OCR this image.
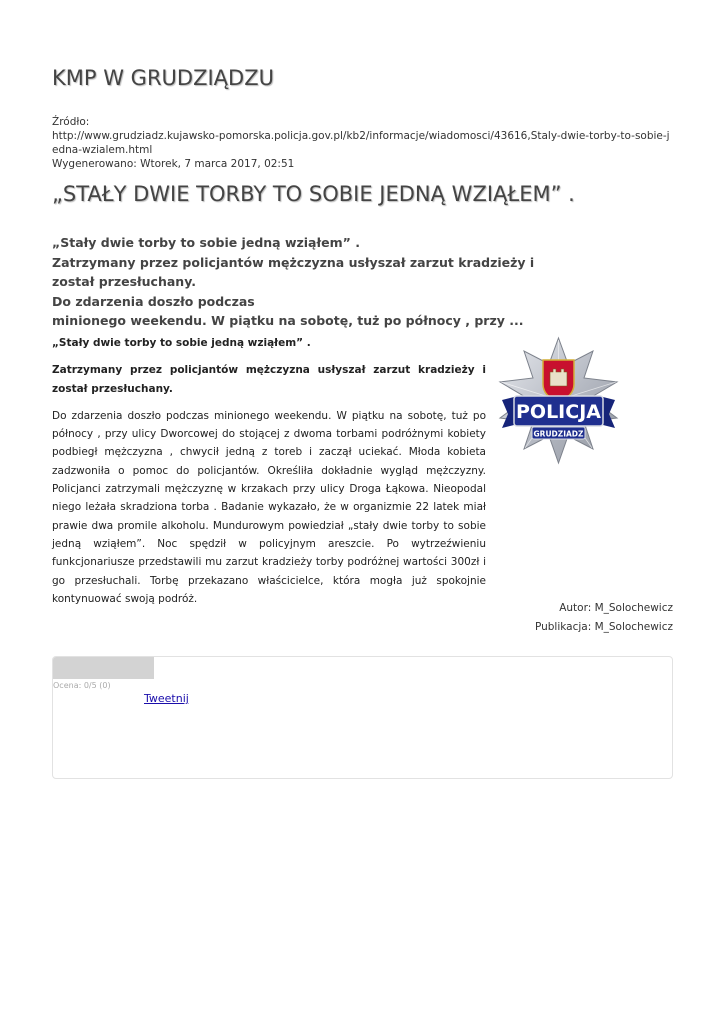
KMP W GRUDZIĄDZU
Źródło:
http://www.grudziadz.kujawsko-pomorska.policja.gov.pl/kb2/informacje/wiadomosci/43616,Staly-dwie-torby-to-sobie-jedna-wzialem.html
Wygenerowano: Wtorek, 7 marca 2017, 02:51
„STAŁY DWIE TORBY TO SOBIE JEDNĄ WZIĄŁEM” .
„Stały dwie torby to sobie jedną wziąłem” .
Zatrzymany przez policjantów mężczyzna usłyszał zarzut kradzieży i
został przesłuchany.
Do zdarzenia doszło podczas
minionego weekendu. W piątku na sobotę, tuż po północy , przy ...

„Stały dwie torby to sobie jedną wziąłem” .

Zatrzymany przez policjantów mężczyzna usłyszał zarzut kradzieży i został przesłuchany.

Do zdarzenia doszło podczas minionego weekendu. W piątku na sobotę, tuż po północy , przy ulicy Dworcowej do stojącej z dwoma torbami podróżnymi kobiety podbiegł mężczyzna , chwycił jedną z toreb i zaczął uciekać. Młoda kobieta zadzwoniła o pomoc do policjantów. Określiła dokładnie wygląd mężczyzny. Policjanci zatrzymali mężczyznę w krzakach przy ulicy Droga Łąkowa. Nieopodal niego leżała skradziona torba . Badanie wykazało, że w organizmie 22 latek miał prawie dwa promile alkoholu. Mundurowym powiedział „stały dwie torby to sobie jedną wziąłem”. Noc spędził w policyjnym areszcie. Po wytrzeźwieniu funkcjonariusze przedstawili mu zarzut kradzieży torby podróżnej wartości 300zł i go przesłuchali. Torbę przekazano właścicielce, która mogła już spokojnie kontynuować swoją podróż.

POLICJA
GRUDZIADZ
Autor: M_Solochewicz
Publikacja: M_Solochewicz
Ocena: 0/5 (0)
Tweetnij
